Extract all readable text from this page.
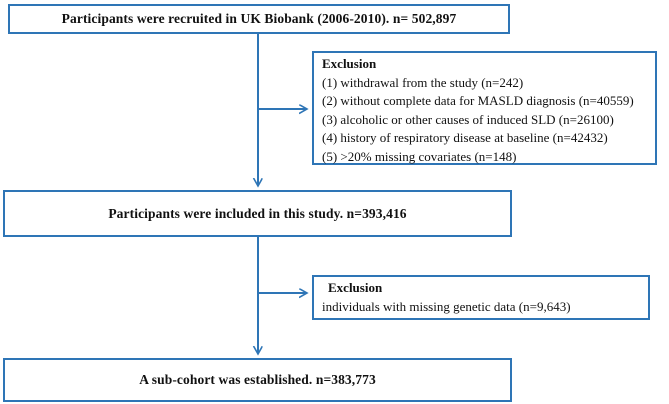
Participants were recruited in UK Biobank (2006-2010). n= 502,897
Exclusion
(1) withdrawal from the study (n=242)
(2) without complete data for MASLD diagnosis (n=40559)
(3) alcoholic or other causes of induced SLD (n=26100)
(4) history of respiratory disease at baseline (n=42432)
(5) >20% missing covariates (n=148)
Participants were included in this study. n=393,416
Exclusion
individuals with missing genetic data (n=9,643)
A sub-cohort was established. n=383,773
